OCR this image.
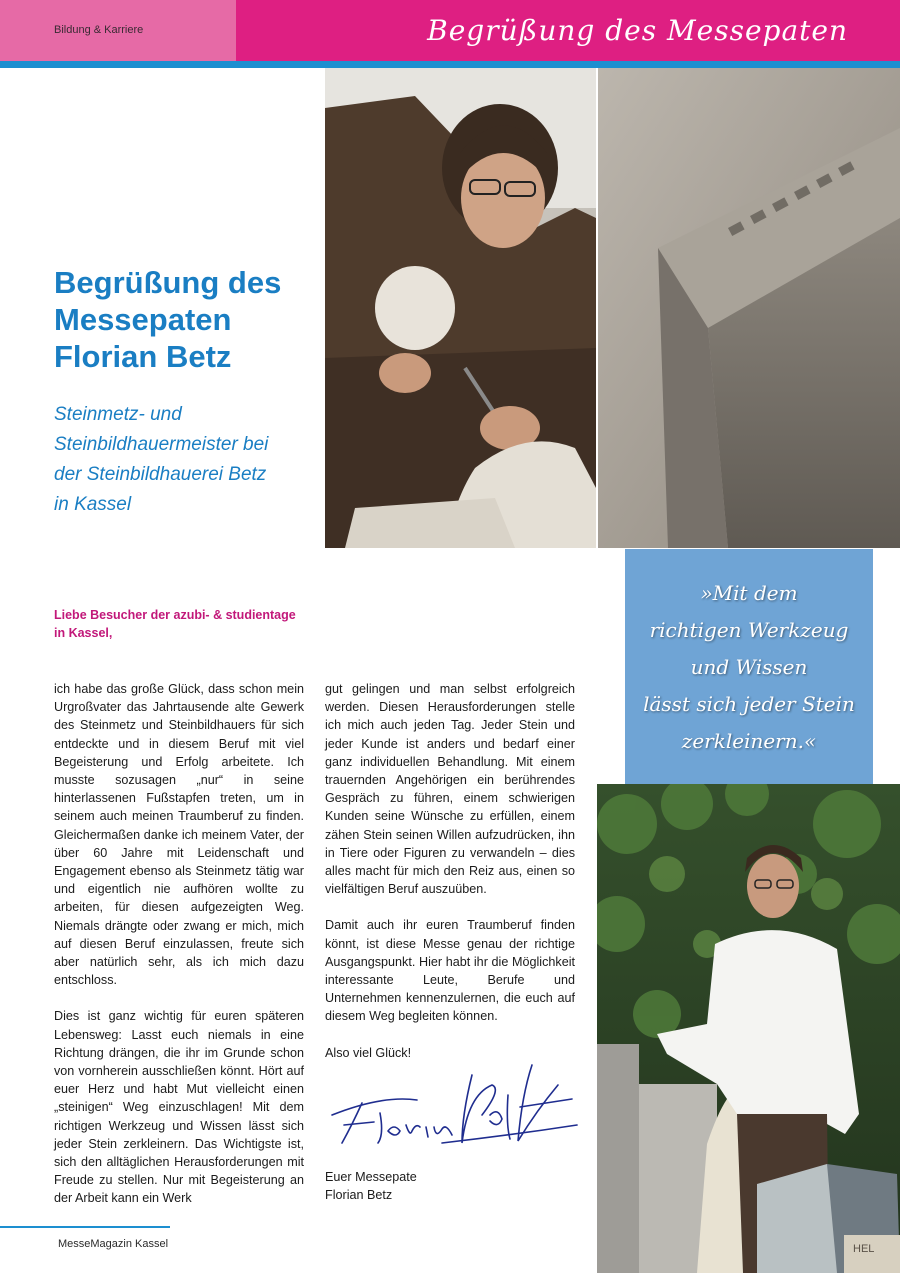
Bildung & Karriere	Begrüßung des Messepaten
Begrüßung des
Messepaten
Florian Betz
Steinmetz- und
Steinbildhauermeister bei
der Steinbildhauerei Betz
in Kassel
Liebe Besucher der azubi- & studientage
in Kassel,

ich habe das große Glück, dass schon mein Urgroßvater das Jahrtausende alte Gewerk des Steinmetz und Steinbildhauers für sich entdeckte und in diesem Beruf mit viel Begeisterung und Erfolg arbeitete. Ich musste sozusagen „nur“ in seine hinterlassenen Fußstapfen treten, um in seinem auch meinen Traumberuf zu finden. Gleichermaßen danke ich meinem Vater, der über 60 Jahre mit Leidenschaft und Engagement ebenso als Steinmetz tätig war und eigentlich nie aufhören wollte zu arbeiten, für diesen aufgezeigten Weg. Niemals drängte oder zwang er mich, mich auf diesen Beruf einzulassen, freute sich aber natürlich sehr, als ich mich dazu entschloss.

Dies ist ganz wichtig für euren späteren Lebensweg: Lasst euch niemals in eine Richtung drängen, die ihr im Grunde schon von vornherein ausschließen könnt. Hört auf euer Herz und habt Mut vielleicht einen „steinigen“ Weg einzuschlagen! Mit dem richtigen Werkzeug und Wissen lässt sich jeder Stein zerkleinern. Das Wichtigste ist, sich den alltäglichen Herausforderungen mit Freude zu stellen. Nur mit Begeisterung an der Arbeit kann ein Werk

gut gelingen und man selbst erfolgreich werden. Diesen Herausforderungen stelle ich mich auch jeden Tag. Jeder Stein und jeder Kunde ist anders und bedarf einer ganz individuellen Behandlung. Mit einem trauernden Angehörigen ein berührendes Gespräch zu führen, einem schwierigen Kunden seine Wünsche zu erfüllen, einem zähen Stein seinen Willen aufzudrücken, ihn in Tiere oder Figuren zu verwandeln – dies alles macht für mich den Reiz aus, einen so vielfältigen Beruf auszuüben.

Damit auch ihr euren Traumberuf finden könnt, ist diese Messe genau der richtige Ausgangspunkt. Hier habt ihr die Möglichkeit interessante Leute, Berufe und Unternehmen kennenzulernen, die euch auf diesem Weg begleiten können.

Also viel Glück!

Euer Messepate
Florian Betz
»Mit dem
richtigen Werkzeug
und Wissen
lässt sich jeder Stein
zerkleinern.«
HEL
MesseMagazin Kassel
